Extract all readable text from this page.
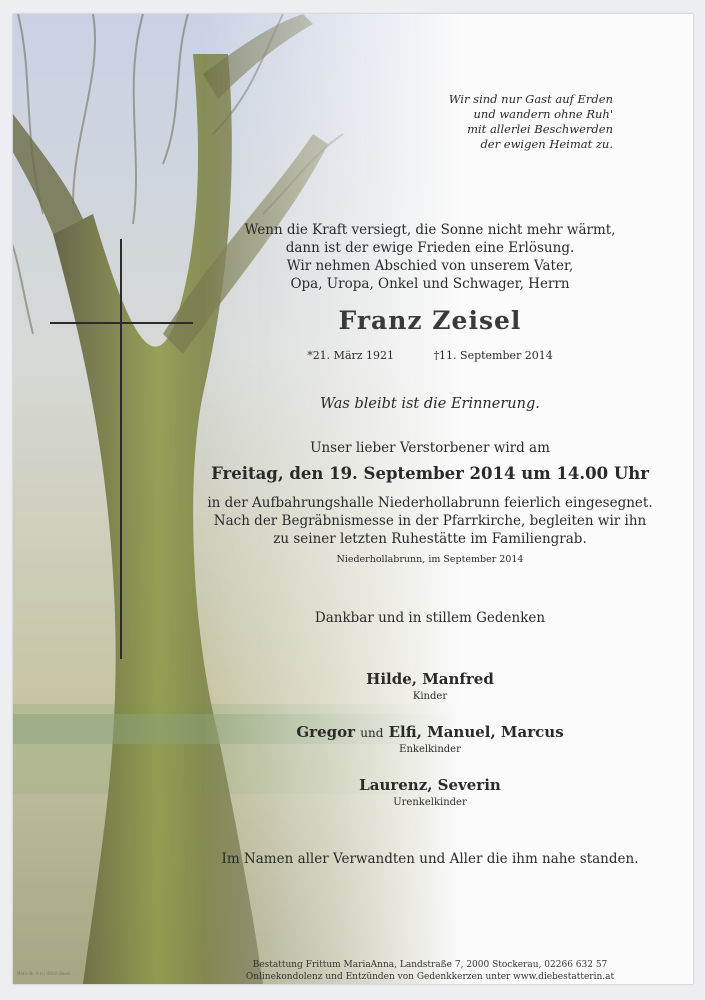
Wir sind nur Gast auf Erden
und wandern ohne Ruh'
mit allerlei Beschwerden
der ewigen Heimat zu.
Wenn die Kraft versiegt, die Sonne nicht mehr wärmt,
dann ist der ewige Frieden eine Erlösung.
Wir nehmen Abschied von unserem Vater,
Opa, Uropa, Onkel und Schwager, Herrn
Franz Zeisel
*21. März 1921	†11. September 2014
Was bleibt ist die Erinnerung.
Unser lieber Verstorbener wird am
Freitag, den 19. September 2014 um 14.00 Uhr
in der Aufbahrungshalle Niederhollabrunn feierlich eingesegnet.
Nach der Begräbnismesse in der Pfarrkirche, begleiten wir ihn
zu seiner letzten Ruhestätte im Familiengrab.
Niederhollabrunn, im September 2014
Dankbar und in stillem Gedenken
Hilde, Manfred
Kinder
Gregor und Elfi, Manuel, Marcus
Enkelkinder
Laurenz, Severin
Urenkelkinder
Im Namen aller Verwandten und Aller die ihm nahe standen.
Bestattung Frittum MariaAnna, Landstraße 7, 2000 Stockerau, 02266 632 57
Onlinekondolenz und Entzünden von Gedenkkerzen unter www.diebestatterin.at
Motiv Nr. 9 (c) Ulrich Bauer
